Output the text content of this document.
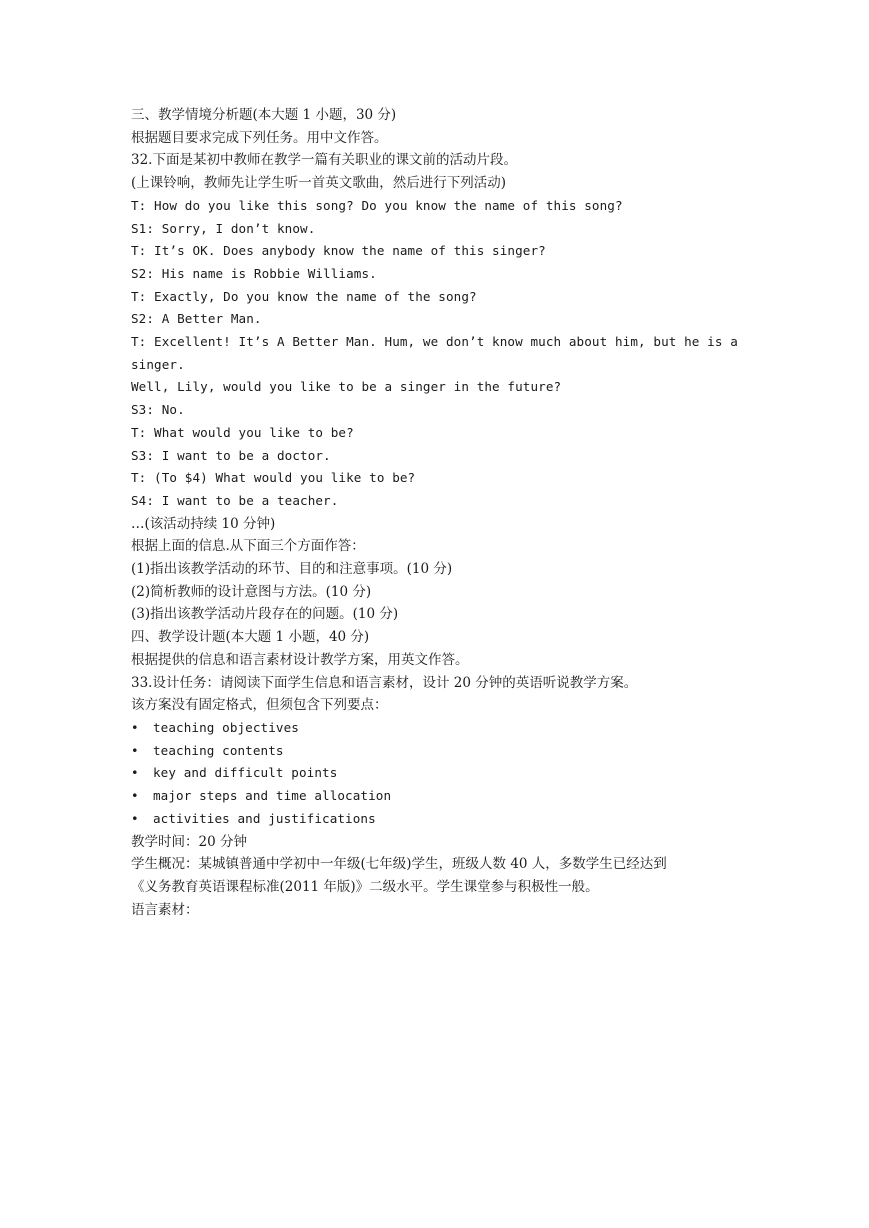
三、教学情境分析题(本大题 1 小题，30 分)

根据题目要求完成下列任务。用中文作答。

32.下面是某初中教师在教学一篇有关职业的课文前的活动片段。

(上课铃响，教师先让学生听一首英文歌曲，然后进行下列活动)

T: How do you like this song? Do you know the name of this song?

S1: Sorry, I don’t know.

T: It’s OK. Does anybody know the name of this singer?

S2: His name is Robbie Williams.

T: Exactly, Do you know the name of the song?

S2: A Better Man.

T: Excellent! It’s A Better Man. Hum, we don’t know much about him, but he is a singer.

Well, Lily, would you like to be a singer in the future?

S3: No.

T: What would you like to be?

S3: I want to be a doctor.

T: (To $4) What would you like to be?

S4: I want to be a teacher.

…(该活动持续 10 分钟)

根据上面的信息.从下面三个方面作答：

(1)指出该教学活动的环节、目的和注意事项。(10 分)

(2)简析教师的设计意图与方法。(10 分)

(3)指出该教学活动片段存在的问题。(10 分)

四、教学设计题(本大题 1 小题，40 分)

根据提供的信息和语言素材设计教学方案，用英文作答。

33.设计任务：请阅读下面学生信息和语言素材，设计 20 分钟的英语听说教学方案。

该方案没有固定格式，但须包含下列要点：

• teaching objectives

• teaching contents

• key and difficult points

• major steps and time allocation

• activities and justifications

教学时间：20 分钟

学生概况：某城镇普通中学初中一年级(七年级)学生，班级人数 40 人，多数学生已经达到

《义务教育英语课程标准(2011 年版)》二级水平。学生课堂参与积极性一般。

语言素材：
